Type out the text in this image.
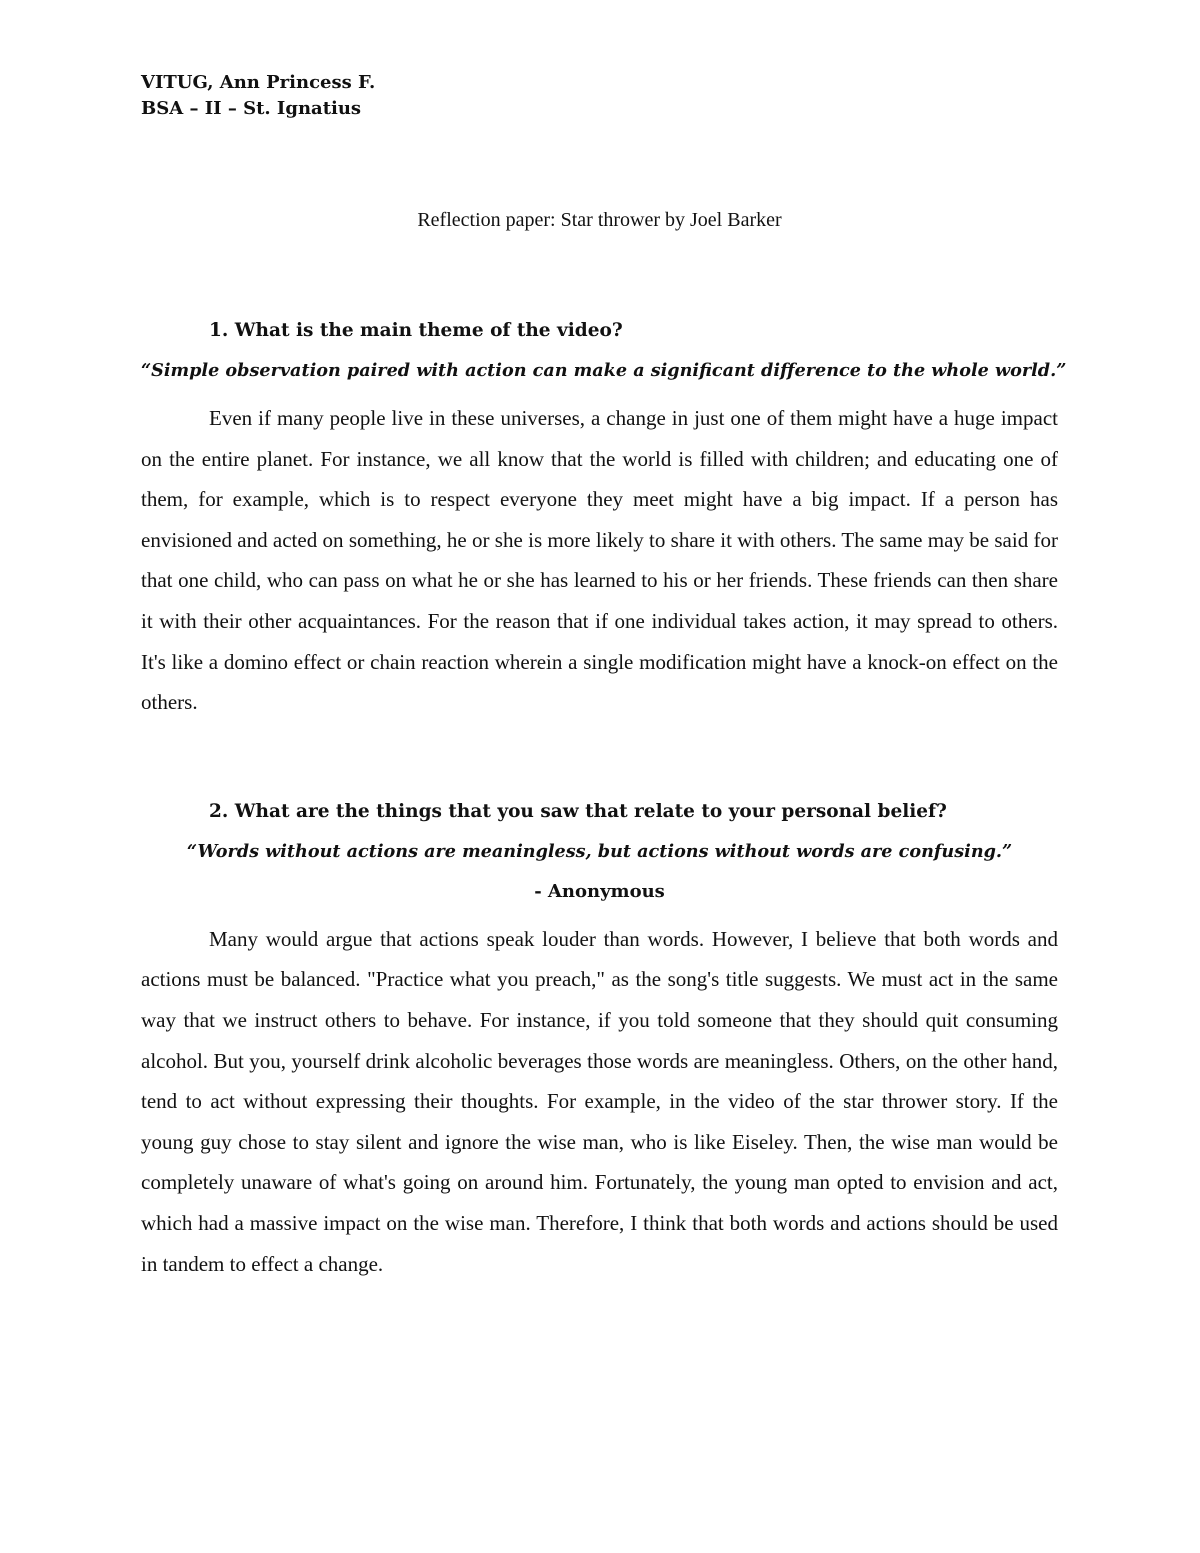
VITUG, Ann Princess F.

BSA – II – St. Ignatius

Reflection paper: Star thrower by Joel Barker

1. What is the main theme of the video?

“Simple observation paired with action can make a significant difference to the whole world.”

Even if many people live in these universes, a change in just one of them might have a huge impact on the entire planet. For instance, we all know that the world is filled with children; and educating one of them, for example, which is to respect everyone they meet might have a big impact. If a person has envisioned and acted on something, he or she is more likely to share it with others. The same may be said for that one child, who can pass on what he or she has learned to his or her friends. These friends can then share it with their other acquaintances. For the reason that if one individual takes action, it may spread to others. It's like a domino effect or chain reaction wherein a single modification might have a knock-on effect on the others.

2. What are the things that you saw that relate to your personal belief?

“Words without actions are meaningless, but actions without words are confusing.”

- Anonymous

Many would argue that actions speak louder than words. However, I believe that both words and actions must be balanced. "Practice what you preach," as the song's title suggests. We must act in the same way that we instruct others to behave. For instance, if you told someone that they should quit consuming alcohol. But you, yourself drink alcoholic beverages those words are meaningless. Others, on the other hand, tend to act without expressing their thoughts. For example, in the video of the star thrower story. If the young guy chose to stay silent and ignore the wise man, who is like Eiseley. Then, the wise man would be completely unaware of what's going on around him. Fortunately, the young man opted to envision and act, which had a massive impact on the wise man. Therefore, I think that both words and actions should be used in tandem to effect a change.
